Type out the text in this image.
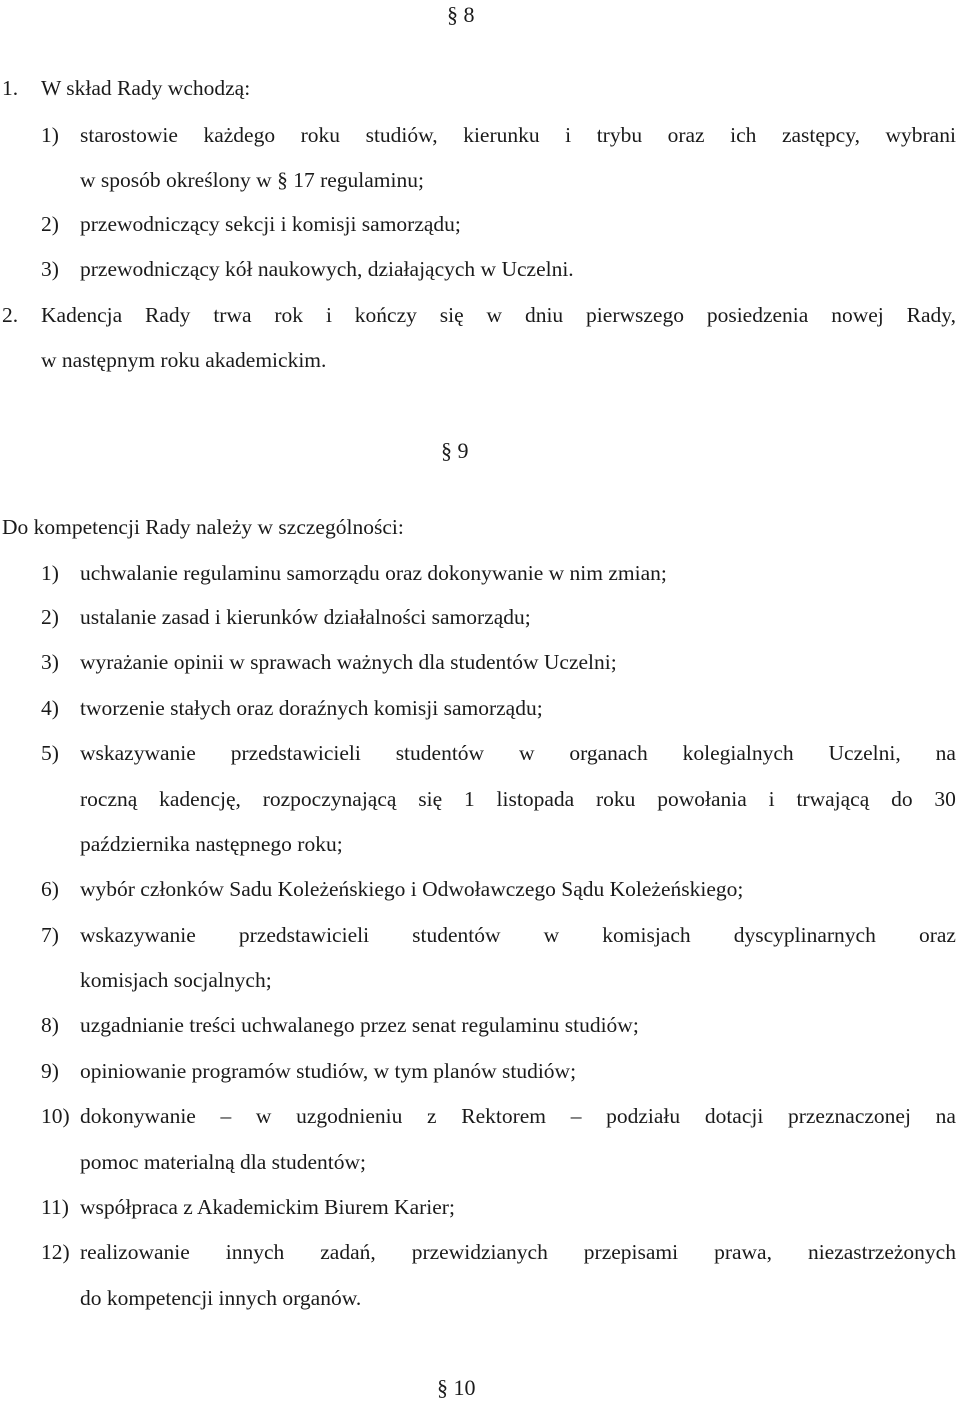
§ 8
1. W skład Rady wchodzą:
1) starostowie każdego roku studiów, kierunku i trybu oraz ich zastępcy, wybrani
w sposób określony w § 17 regulaminu;
2) przewodniczący sekcji i komisji samorządu;
3) przewodniczący kół naukowych, działających w Uczelni.
2. Kadencja Rady trwa rok i kończy się w dniu pierwszego posiedzenia nowej Rady,
w następnym roku akademickim.
§ 9
Do kompetencji Rady należy w szczególności:
1) uchwalanie regulaminu samorządu oraz dokonywanie w nim zmian;
2) ustalanie zasad i kierunków działalności samorządu;
3) wyrażanie opinii w sprawach ważnych dla studentów Uczelni;
4) tworzenie stałych oraz doraźnych komisji samorządu;
5) wskazywanie przedstawicieli studentów w organach kolegialnych Uczelni, na
roczną kadencję, rozpoczynającą się 1 listopada roku powołania i trwającą do 30
października następnego roku;
6) wybór członków Sadu Koleżeńskiego i Odwoławczego Sądu Koleżeńskiego;
7) wskazywanie przedstawicieli studentów w komisjach dyscyplinarnych oraz
komisjach socjalnych;
8) uzgadnianie treści uchwalanego przez senat regulaminu studiów;
9) opiniowanie programów studiów, w tym planów studiów;
10) dokonywanie – w uzgodnieniu z Rektorem – podziału dotacji przeznaczonej na
pomoc materialną dla studentów;
11) współpraca z Akademickim Biurem Karier;
12) realizowanie innych zadań, przewidzianych przepisami prawa, niezastrzeżonych
do kompetencji innych organów.
§ 10
